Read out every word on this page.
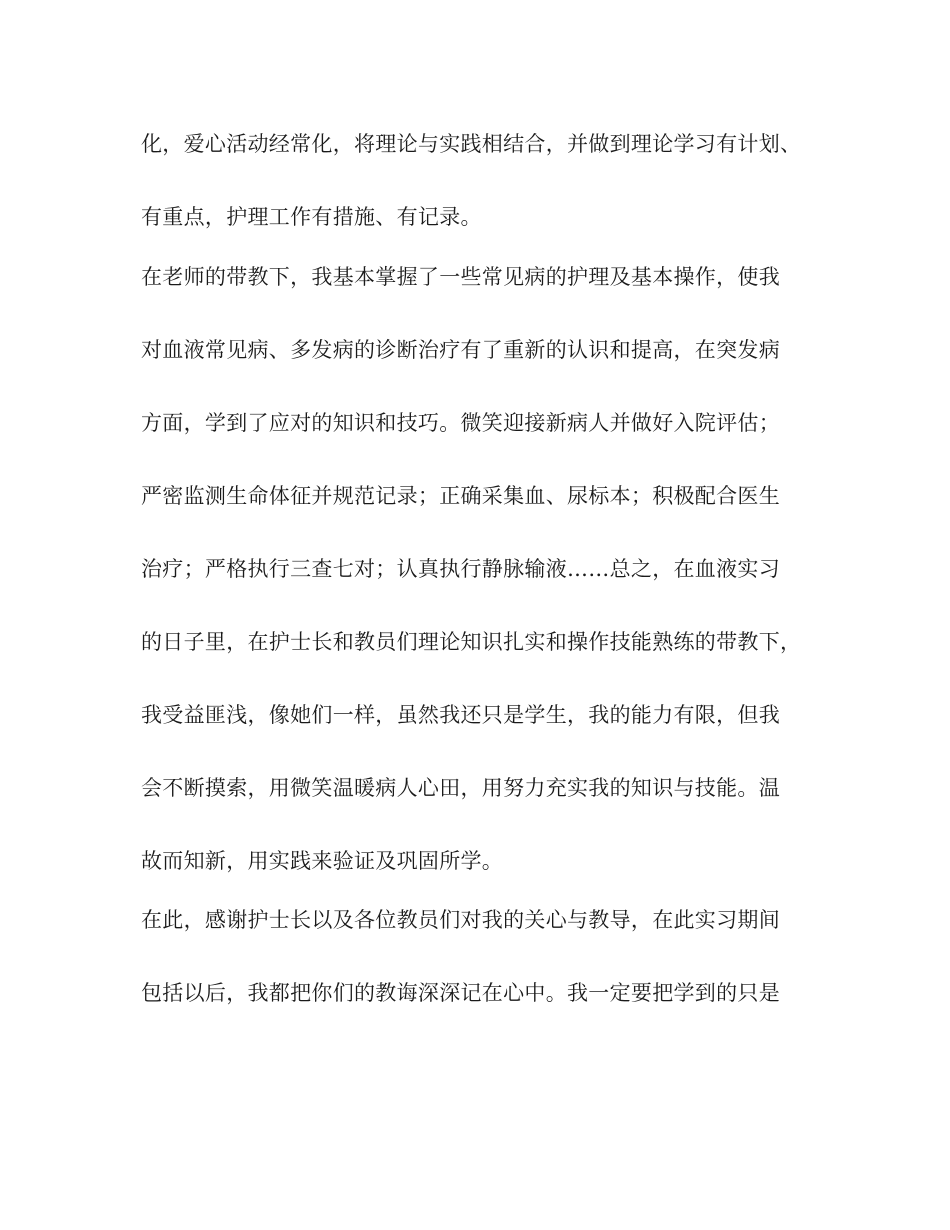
化，爱心活动经常化，将理论与实践相结合，并做到理论学习有计划、

有重点，护理工作有措施、有记录。

在老师的带教下，我基本掌握了一些常见病的护理及基本操作，使我

对血液常见病、多发病的诊断治疗有了重新的认识和提高，在突发病

方面，学到了应对的知识和技巧。微笑迎接新病人并做好入院评估；

严密监测生命体征并规范记录；正确采集血、尿标本；积极配合医生

治疗；严格执行三查七对；认真执行静脉输液……总之，在血液实习

的日子里，在护士长和教员们理论知识扎实和操作技能熟练的带教下，

我受益匪浅，像她们一样，虽然我还只是学生，我的能力有限，但我

会不断摸索，用微笑温暖病人心田，用努力充实我的知识与技能。温

故而知新，用实践来验证及巩固所学。

在此，感谢护士长以及各位教员们对我的关心与教导，在此实习期间

包括以后，我都把你们的教诲深深记在心中。我一定要把学到的只是
